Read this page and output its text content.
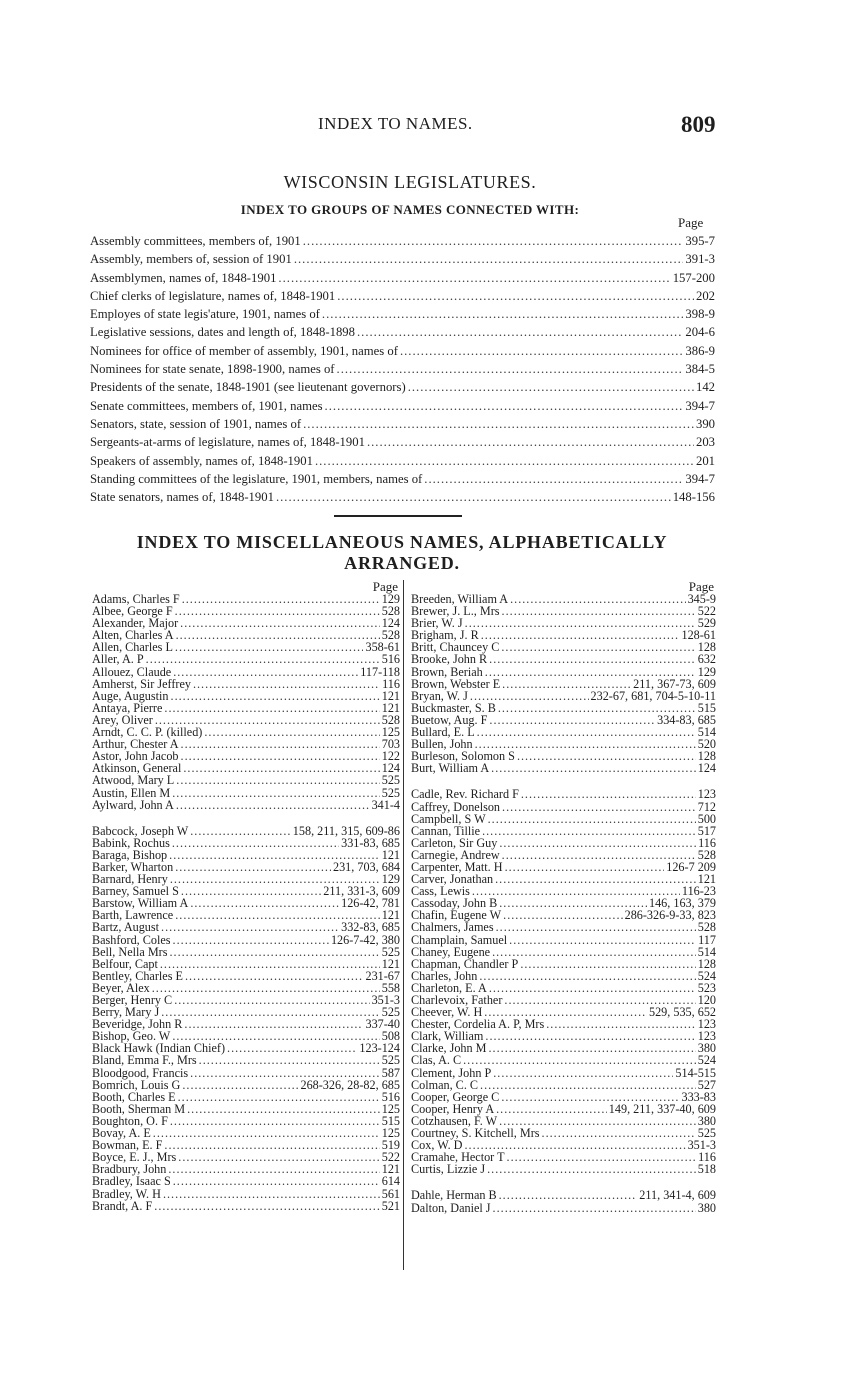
INDEX TO NAMES.	809
WISCONSIN LEGISLATURES.
INDEX TO GROUPS OF NAMES CONNECTED WITH:
Page
Assembly committees, members of, 1901 .....	395-7
Assembly, members of, session of 1901 .....	391-3
Assemblymen, names of, 1848-1901 .....	157-200
Chief clerks of legislature, names of, 1848-1901 .....	202
Employes of state legis'ature, 1901, names of .....	398-9
Legislative sessions, dates and length of, 1848-1898 .....	204-6
Nominees for office of member of assembly, 1901, names of .....	386-9
Nominees for state senate, 1898-1900, names of .....	384-5
Presidents of the senate, 1848-1901 (see lieutenant governors) .....	142
Senate committees, members of, 1901, names .....	394-7
Senators, state, session of 1901, names of .....	390
Sergeants-at-arms of legislature, names of, 1848-1901 .....	203
Speakers of assembly, names of, 1848-1901 .....	201
Standing committees of the legislature, 1901, members, names of .....	394-7
State senators, names of, 1848-1901 .....	148-156
INDEX TO MISCELLANEOUS NAMES, ALPHABETICALLY
ARRANGED.
Page
Adams, Charles F .....	129
Albee, George F .....	528
Alexander, Major .....	124
Alten, Charles A .....	528
Allen, Charles L .....	358-61
Aller, A. P .....	516
Allouez, Claude .....	117-118
Amherst, Sir Jeffrey .....	116
Auge, Augustin .....	121
Antaya, Pierre .....	121
Arey, Oliver .....	528
Arndt, C. C. P. (killed) .....	125
Arthur, Chester A .....	703
Astor, John Jacob .....	122
Atkinson, General .....	124
Atwood, Mary L .....	525
Austin, Ellen M .....	525
Aylward, John A .....	341-4
Babcock, Joseph W .....	158, 211, 315, 609-86
Babink, Rochus .....	331-83, 685
Baraga, Bishop .....	121
Barker, Wharton .....	231, 703, 684
Barnard, Henry .....	129
Barney, Samuel S .....	211, 331-3, 609
Barstow, William A .....	126-42, 781
Barth, Lawrence .....	121
Bartz, August .....	332-83, 685
Bashford, Coles .....	126-7-42, 380
Bell, Nella Mrs .....	525
Belfour, Capt .....	121
Bentley, Charles E .....	231-67
Beyer, Alex .....	558
Berger, Henry C .....	351-3
Berry, Mary J .....	525
Beveridge, John R .....	337-40
Bishop, Geo. W .....	508
Black Hawk (Indian Chief) .....	123-124
Bland, Emma F., Mrs .....	525
Bloodgood, Francis .....	587
Bomrich, Louis G .....	268-326, 28-82, 685
Booth, Charles E .....	516
Booth, Sherman M .....	125
Boughton, O. F .....	515
Bovay, A. E .....	125
Bowman, E. F .....	519
Boyce, E. J., Mrs .....	522
Bradbury, John .....	121
Bradley, Isaac S .....	614
Bradley, W. H .....	561
Brandt, A. F .....	521
Page
Breeden, William A .....	345-9
Brewer, J. L., Mrs .....	522
Brier, W. J .....	529
Brigham, J. R .....	128-61
Britt, Chauncey C .....	128
Brooke, John R .....	632
Brown, Beriah .....	129
Brown, Webster E .....	211, 367-73, 609
Bryan, W. J .....	232-67, 681, 704-5-10-11
Buckmaster, S. B .....	515
Buetow, Aug. F .....	334-83, 685
Bullard, E. L .....	514
Bullen, John .....	520
Burleson, Solomon S .....	128
Burt, William A .....	124
Cadle, Rev. Richard F .....	123
Caffrey, Donelson .....	712
Campbell, S W .....	500
Cannan, Tillie .....	517
Carleton, Sir Guy .....	116
Carnegie, Andrew .....	528
Carpenter, Matt. H .....	126-7 209
Carver, Jonathan .....	121
Cass, Lewis .....	116-23
Cassoday, John B .....	146, 163, 379
Chafin, Eugene W .....	286-326-9-33, 823
Chalmers, James .....	528
Champlain, Samuel .....	117
Chaney, Eugene .....	514
Chapman, Chandler P .....	128
Charles, John .....	524
Charleton, E. A .....	523
Charlevoix, Father .....	120
Cheever, W. H .....	529, 535, 652
Chester, Cordelia A. P, Mrs .....	123
Clark, William .....	123
Clarke, John M .....	380
Clas, A. C .....	524
Clement, John P .....	514-515
Colman, C. C .....	527
Cooper, George C .....	333-83
Cooper, Henry A .....	149, 211, 337-40, 609
Cotzhausen, F. W .....	380
Courtney, S. Kitchell, Mrs .....	525
Cox, W. D .....	351-3
Cramahe, Hector T .....	116
Curtis, Lizzie J .....	518
Dahle, Herman B .....	211, 341-4, 609
Dalton, Daniel J .....	380
